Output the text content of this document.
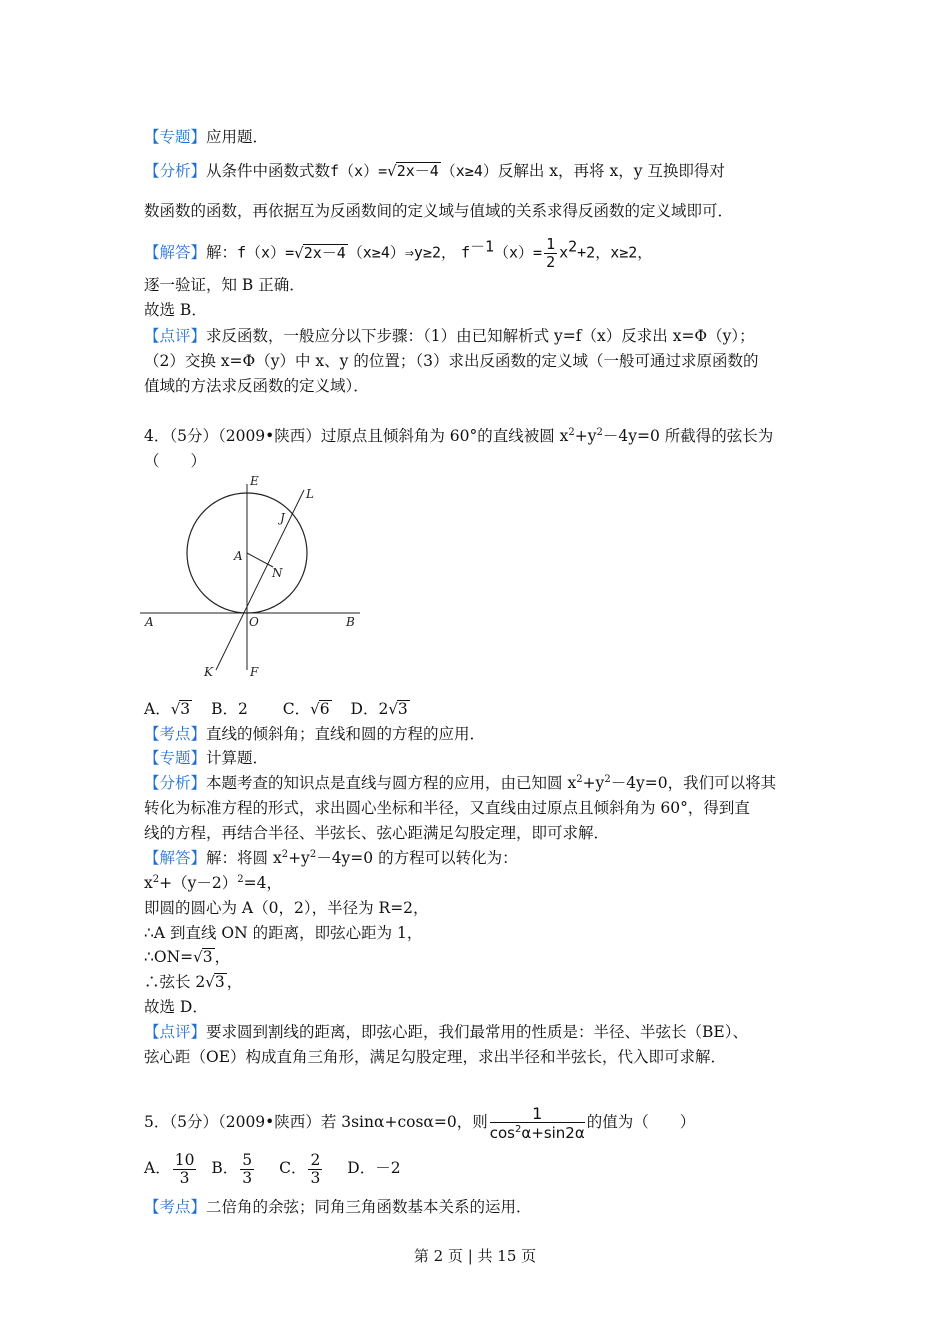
【专题】应用题．
【分析】从条件中函数式数f（x）=√2x－4 （x≥4）反解出 x，再将 x，y 互换即得对
数函数的函数，再依据互为反函数间的定义域与值域的关系求得反函数的定义域即可．
【解答】解：f（x）=√2x－4 （x≥4）⇒y≥2， $f^{-1}(x)= \frac{1}{2} x^2+2$，x≥2，
逐一验证，知 B 正确．
故选 B．
【点评】求反函数，一般应分以下步骤：（1）由已知解析式 y=f（x）反求出 x=Φ（y）；
（2）交换 x=Φ（y）中 x、y 的位置；（3）求出反函数的定义域（一般可通过求原函数的
值域的方法求反函数的定义域）．
4．（5分）（2009•陕西）过原点且倾斜角为 60°的直线被圆 $x^2+y^2-4y=0$ 所截得的弦长为
（　　）
E
L
J
A
N
A	O	B
K	F
A．√3 B．2 C．√6 D．2√3
【考点】直线的倾斜角；直线和圆的方程的应用．
【专题】计算题．
【分析】本题考查的知识点是直线与圆方程的应用，由已知圆 $x^2+y^2-4y=0$，我们可以将其
转化为标准方程的形式，求出圆心坐标和半径，又直线由过原点且倾斜角为 60°，得到直
线的方程，再结合半径、半弦长、弦心距满足勾股定理，即可求解．
【解答】解：将圆 $x^2+y^2-4y=0$ 的方程可以转化为：
$x^2+(y-2)^2=4$，
即圆的圆心为 A（0，2），半径为 R=2，
∴A 到直线 ON 的距离，即弦心距为 1，
∴ON=√3 ，
∴弦长 2√3 ，
故选 D．
【点评】要求圆到割线的距离，即弦心距，我们最常用的性质是：半径、半弦长（BE）、
弦心距（OE）构成直角三角形，满足勾股定理，求出半径和半弦长，代入即可求解．
5．（5分）（2009•陕西）若 3sinα+cosα=0，则 $\frac{1}{\cos^2\alpha+\sin 2\alpha}$ 的值为（　　）
A． $\frac{10}{3}$ B． $\frac{5}{3}$ C． $\frac{2}{3}$ D．－2
【考点】二倍角的余弦；同角三角函数基本关系的运用．
第 2 页 | 共 15 页
